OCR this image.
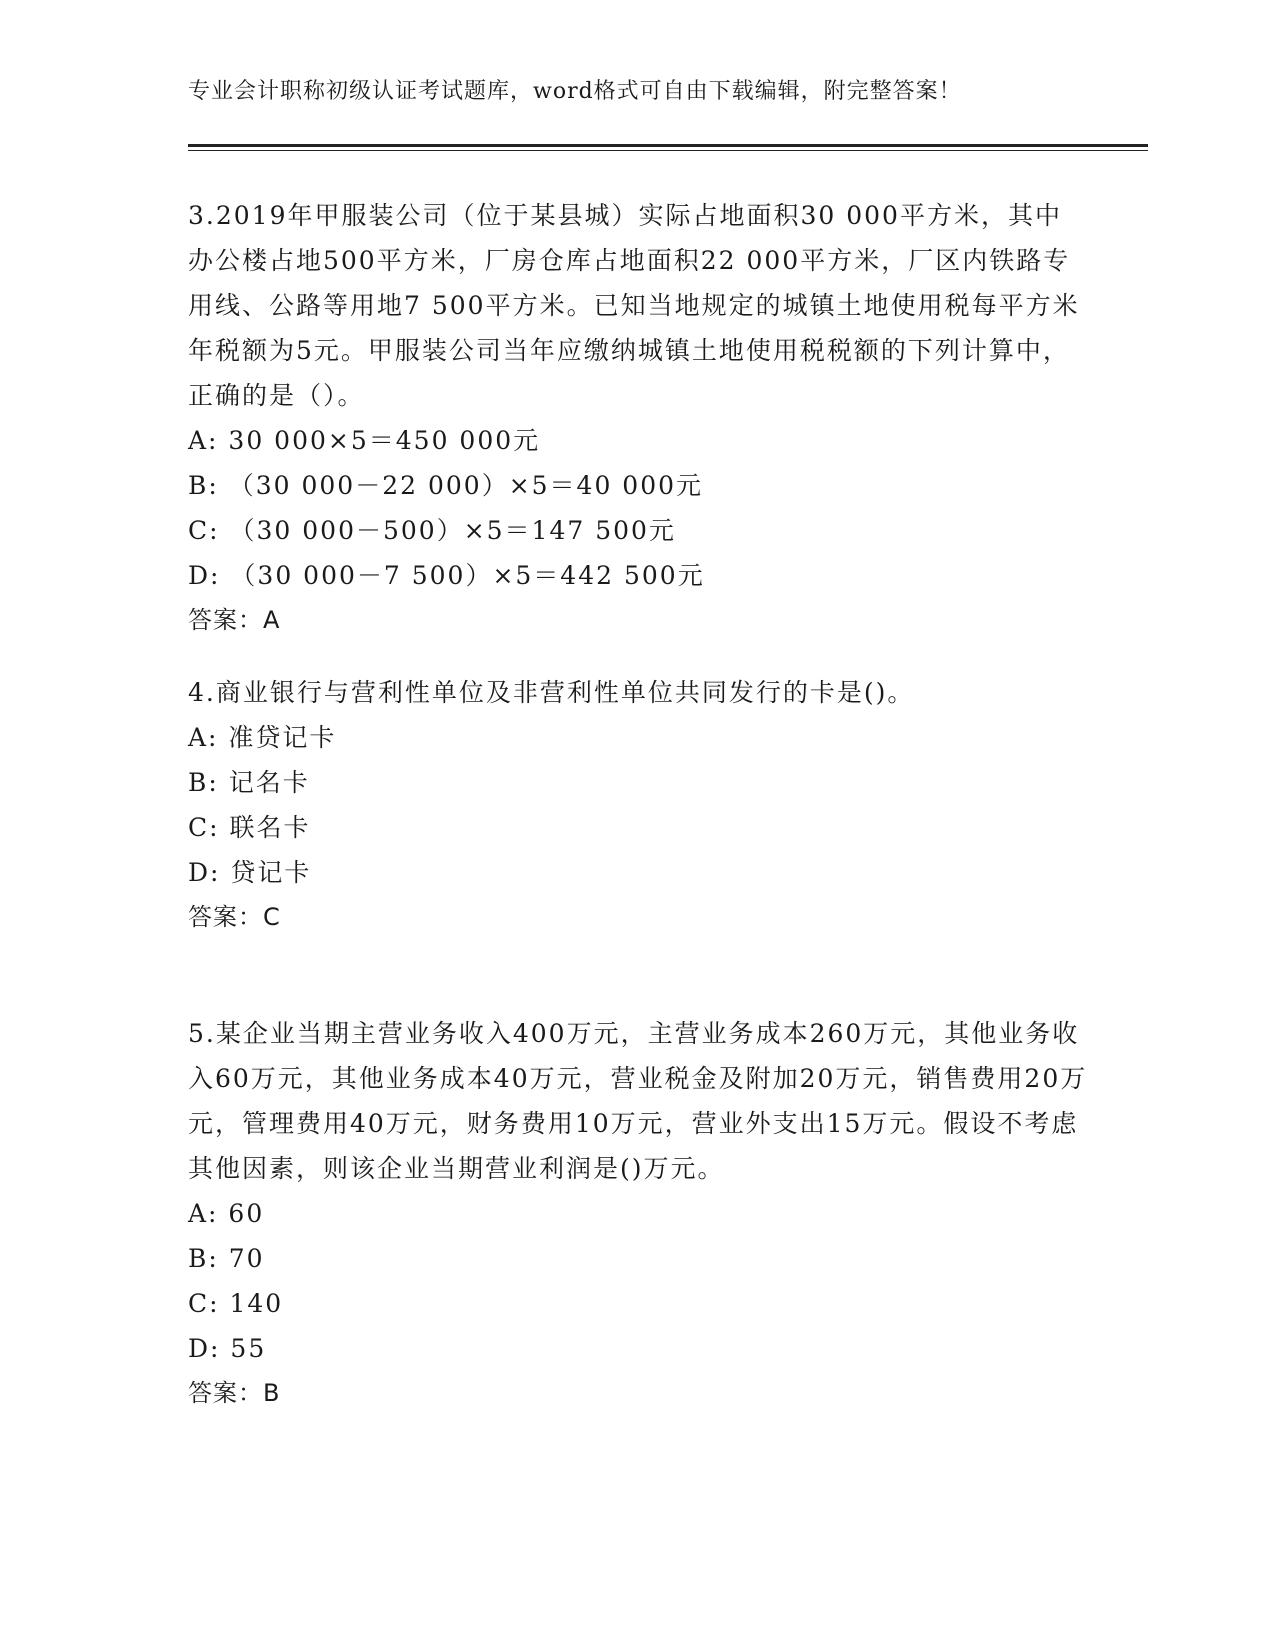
专业会计职称初级认证考试题库，word格式可自由下载编辑，附完整答案！

3.2019年甲服装公司（位于某县城）实际占地面积30 000平方米，其中办公楼占地500平方米，厂房仓库占地面积22 000平方米，厂区内铁路专用线、公路等用地7 500平方米。已知当地规定的城镇土地使用税每平方米年税额为5元。甲服装公司当年应缴纳城镇土地使用税税额的下列计算中，正确的是（）。

A: 30 000×5＝450 000元

B: （30 000－22 000）×5＝40 000元

C: （30 000－500）×5＝147 500元

D: （30 000－7 500）×5＝442 500元

答案：A

4.商业银行与营利性单位及非营利性单位共同发行的卡是()。

A: 准贷记卡

B: 记名卡

C: 联名卡

D: 贷记卡

答案：C

5.某企业当期主营业务收入400万元，主营业务成本260万元，其他业务收入60万元，其他业务成本40万元，营业税金及附加20万元，销售费用20万元，管理费用40万元，财务费用10万元，营业外支出15万元。假设不考虑其他因素，则该企业当期营业利润是()万元。

A: 60

B: 70

C: 140

D: 55

答案：B
